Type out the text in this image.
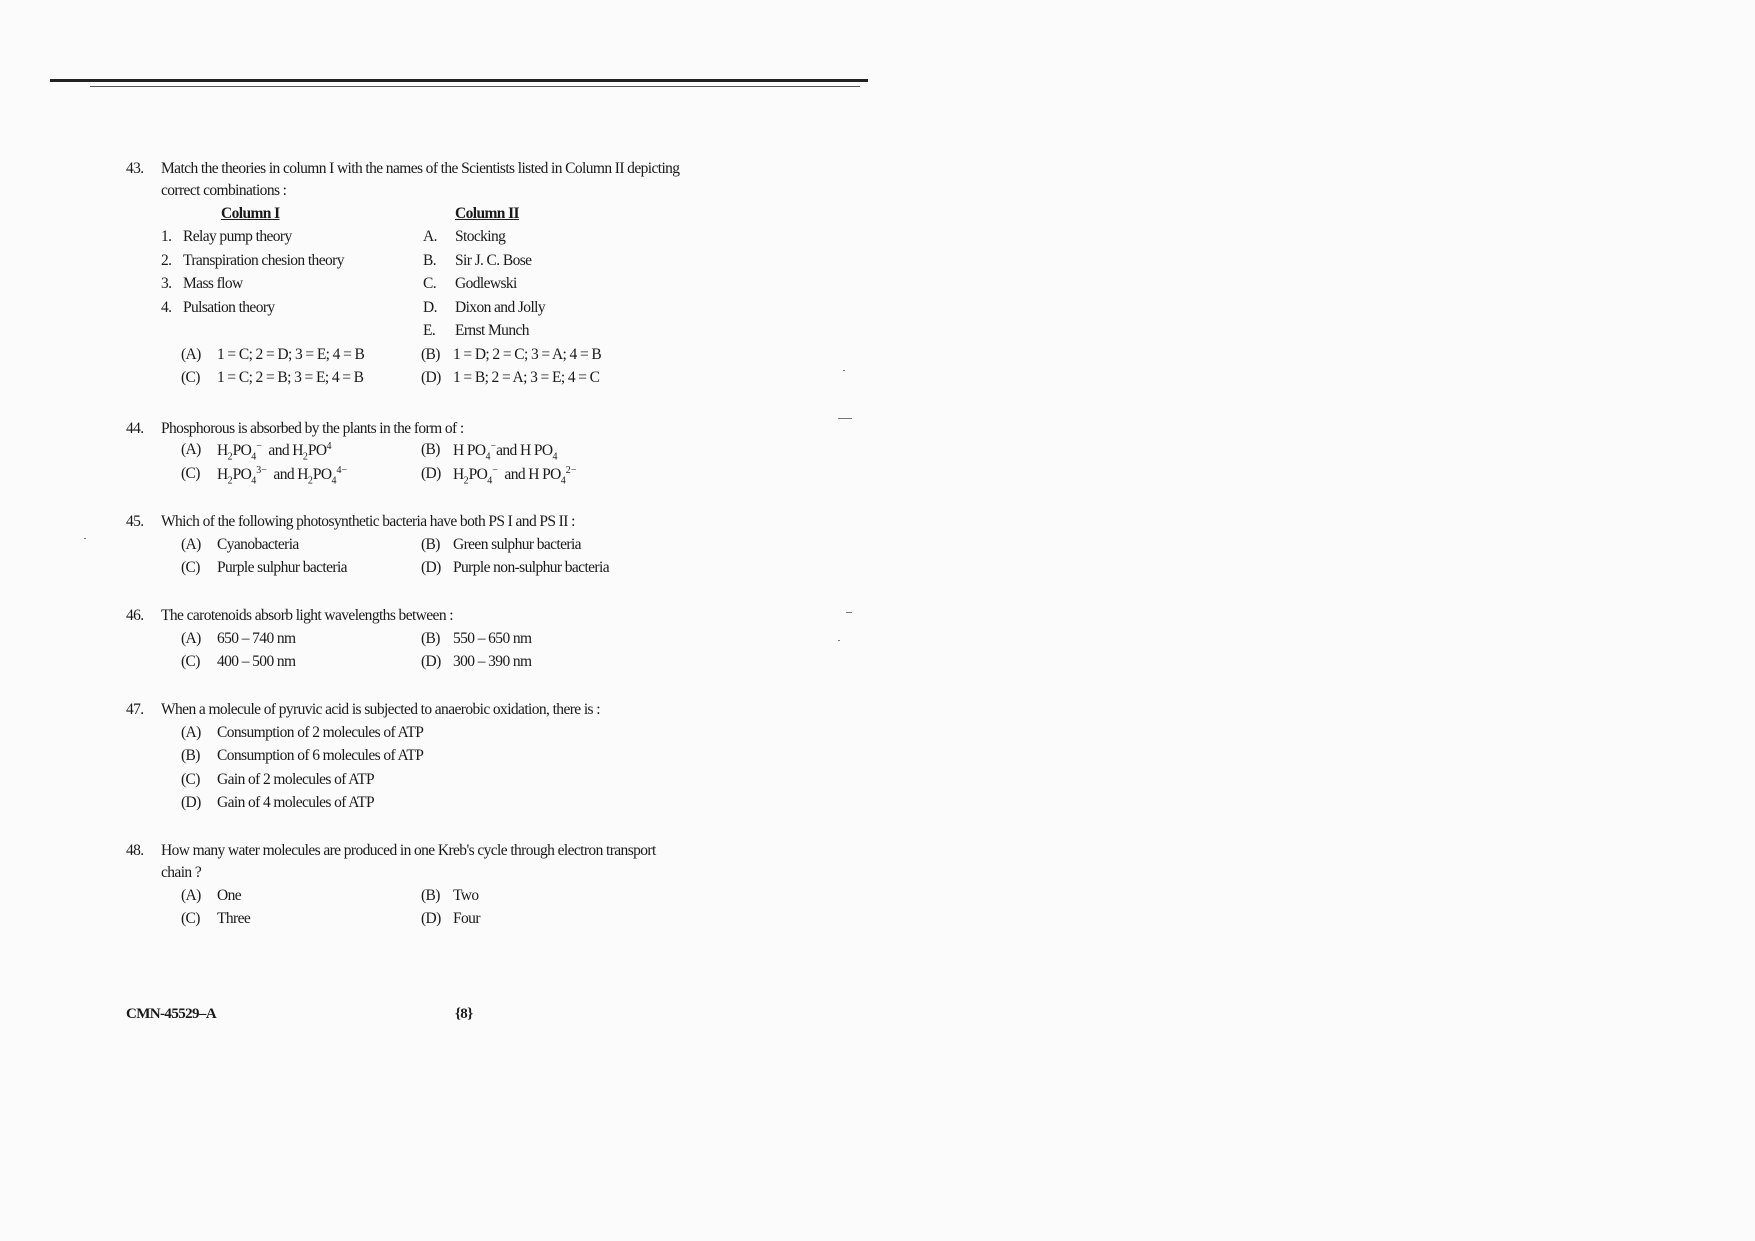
43.	Match the theories in column I with the names of the Scientists listed in Column II depicting correct combinations :
Column I	Column II
1. Relay pump theory	A.	Stocking
2. Transpiration chesion theory	B.	Sir J. C. Bose
3. Mass flow	C.	Godlewski
4. Pulsation theory	D.	Dixon and Jolly
E.	Ernst Munch
(A)	1 = C; 2 = D; 3 = E; 4 = B	(B) 1 = D; 2 = C; 3 = A; 4 = B
(C)	1 = C; 2 = B; 3 = E; 4 = B	(D) 1 = B; 2 = A; 3 = E; 4 = C
44.	Phosphorous is absorbed by the plants in the form of :
(A)	$H_2PO_4^-$  and $H_2PO^4$	(B) H $PO_4^-and$ H $PO_4$
(C)	$H_2PO_4^{3-}$  and $H_2PO_4^{4-}$	(D) $H_2PO_4^-$  and H $PO_4^{2-}$
45.	Which of the following photosynthetic bacteria have both PS I and PS II :
(A)	Cyanobacteria	(B) Green sulphur bacteria
(C)	Purple sulphur bacteria	(D) Purple non-sulphur bacteria
46.	The carotenoids absorb light wavelengths between :
(A)	650 – 740 nm	(B) 550 – 650 nm
(C)	400 – 500 nm	(D) 300 – 390 nm
47.	When a molecule of pyruvic acid is subjected to anaerobic oxidation, there is :
(A)	Consumption of 2 molecules of ATP
(B)	Consumption of 6 molecules of ATP
(C)	Gain of 2 molecules of ATP
(D)	Gain of 4 molecules of ATP
48.	How many water molecules are produced in one Kreb's cycle through electron transport chain ?
(A)	One	(B) Two
(C)	Three	(D) Four
CMN-45529–A	{8}
